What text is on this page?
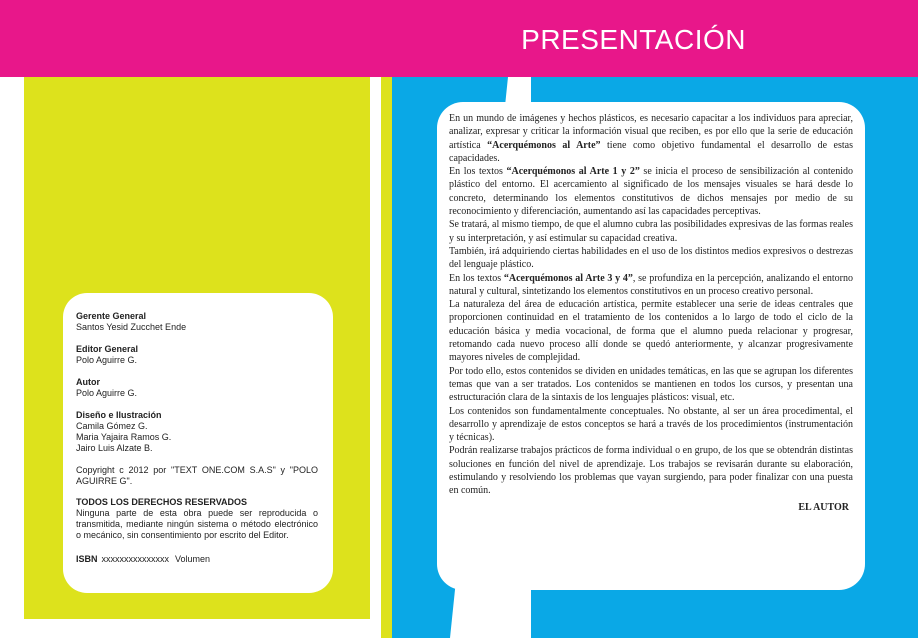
PRESENTACIÓN
Gerente General
Santos Yesid Zucchet Ende
Editor General
Polo Aguirre G.
Autor
Polo Aguirre G.
Diseño e Ilustración
Camila Gómez G.
Maria Yajaira Ramos G.
Jairo Luis Alzate B.
Copyright c 2012 por "TEXT ONE.COM S.A.S" y "POLO AGUIRRE G".
TODOS LOS DERECHOS RESERVADOS
Ninguna parte de esta obra puede ser reproducida o transmitida, mediante ningún sistema o método electrónico o mecánico, sin consentimiento por escrito del Editor.
ISBN xxxxxxxxxxxxxxx Volumen

En un mundo de imágenes y hechos plásticos, es necesario capacitar a los individuos para apreciar, analizar, expresar y criticar la información visual que reciben, es por ello que la serie de educación artística “Acerquémonos al Arte” tiene como objetivo fundamental el desarrollo de estas capacidades.

En los textos “Acerquémonos al Arte 1 y 2” se inicia el proceso de sensibilización al contenido plástico del entorno. El acercamiento al significado de los mensajes visuales se hará desde lo concreto, determinando los elementos constitutivos de dichos mensajes por medio de su reconocimiento y diferenciación, aumentando así las capacidades perceptivas.

Se tratará, al mismo tiempo, de que el alumno cubra las posibilidades expresivas de las formas reales y su interpretación, y así estimular su capacidad creativa.

También, irá adquiriendo ciertas habilidades en el uso de los distintos medios expresivos o destrezas del lenguaje plástico.

En los textos “Acerquémonos al Arte 3 y 4”, se profundiza en la percepción, analizando el entorno natural y cultural, sintetizando los elementos constitutivos en un proceso creativo personal.

La naturaleza del área de educación artística, permite establecer una serie de ideas centrales que proporcionen continuidad en el tratamiento de los contenidos a lo largo de todo el ciclo de la educación básica y media vocacional, de forma que el alumno pueda relacionar y progresar, retomando cada nuevo proceso allí donde se quedó anteriormente, y alcanzar progresivamente mayores niveles de complejidad.

Por todo ello, estos contenidos se dividen en unidades temáticas, en las que se agrupan los diferentes temas que van a ser tratados. Los contenidos se mantienen en todos los cursos, y presentan una estructuración clara de la sintaxis de los lenguajes plásticos: visual, etc.

Los contenidos son fundamentalmente conceptuales. No obstante, al ser un área procedimental, el desarrollo y aprendizaje de estos conceptos se hará a través de los procedimientos (instrumentación y técnicas).

Podrán realizarse trabajos prácticos de forma individual o en grupo, de los que se obtendrán distintas soluciones en función del nivel de aprendizaje. Los trabajos se revisarán durante su elaboración, estimulando y resolviendo los problemas que vayan surgiendo, para poder finalizar con una puesta en común.

EL AUTOR
